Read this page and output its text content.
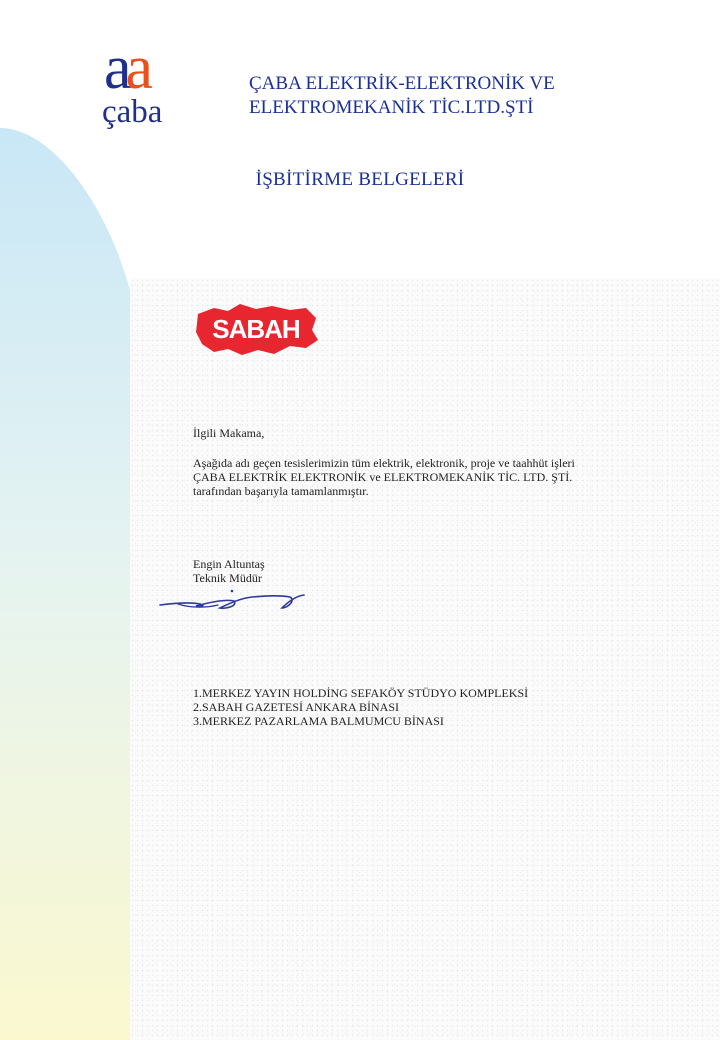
aa
çaba
ÇABA ELEKTRİK-ELEKTRONİK VE
ELEKTROMEKANİK TİC.LTD.ŞTİ
İŞBİTİRME BELGELERİ
SABAH
İlgili Makama,
Aşağıda adı geçen tesislerimizin tüm elektrik, elektronik, proje ve taahhüt işleri
ÇABA ELEKTRİK ELEKTRONİK ve ELEKTROMEKANİK TİC. LTD. ŞTİ.
tarafından başarıyla tamamlanmıştır.
Engin Altuntaş
Teknik Müdür
1.MERKEZ YAYIN HOLDİNG SEFAKÖY STÜDYO KOMPLEKSİ
2.SABAH GAZETESİ ANKARA BİNASI
3.MERKEZ PAZARLAMA BALMUMCU BİNASI
